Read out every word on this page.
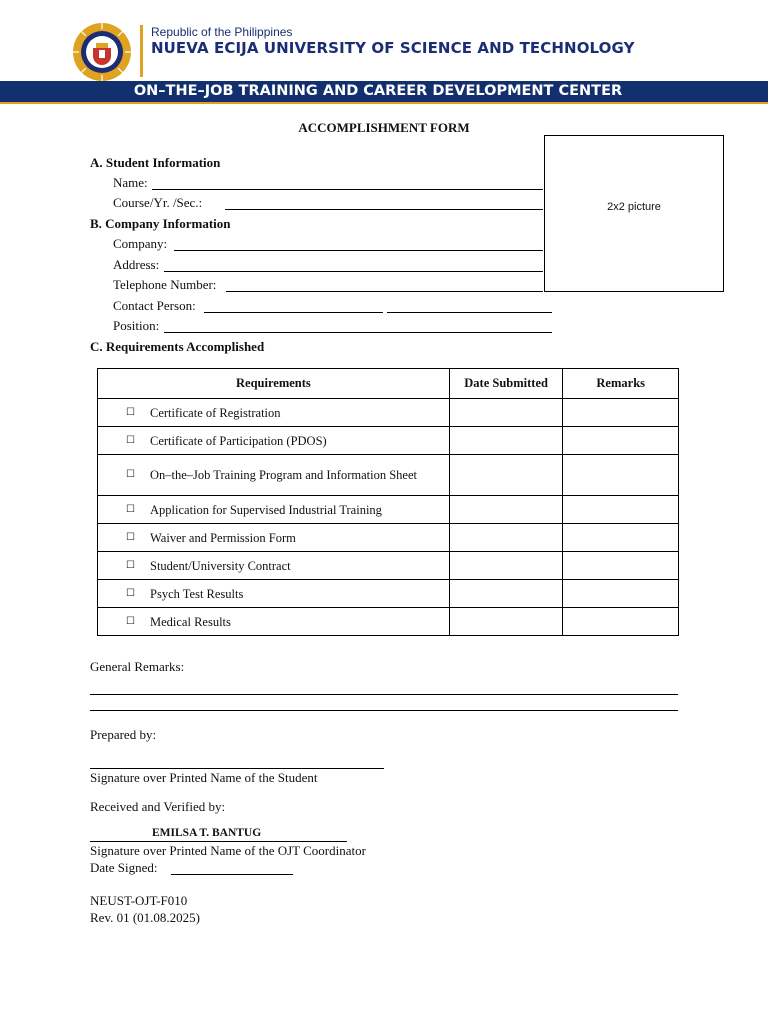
Republic of the Philippines
NUEVA ECIJA UNIVERSITY OF SCIENCE AND TECHNOLOGY
ON–THE–JOB TRAINING AND CAREER DEVELOPMENT CENTER
ACCOMPLISHMENT FORM
2x2 picture
A. Student Information
Name:
Course/Yr. /Sec.:
B. Company Information
Company:
Address:
Telephone Number:
Contact Person:
Position:
C. Requirements Accomplished
Requirements	Date Submitted	Remarks

☐ Certificate of Registration		

☐ Certificate of Participation (PDOS)		

☐ On–the–Job Training Program and Information Sheet		

☐ Application for Supervised Industrial Training		

☐ Waiver and Permission Form		

☐ Student/University Contract		

☐ Psych Test Results		

☐ Medical Results		

General Remarks:
Prepared by:
Signature over Printed Name of the Student
Received and Verified by:
EMILSA T. BANTUG
Signature over Printed Name of the OJT Coordinator
Date Signed:
NEUST-OJT-F010
Rev. 01 (01.08.2025)
